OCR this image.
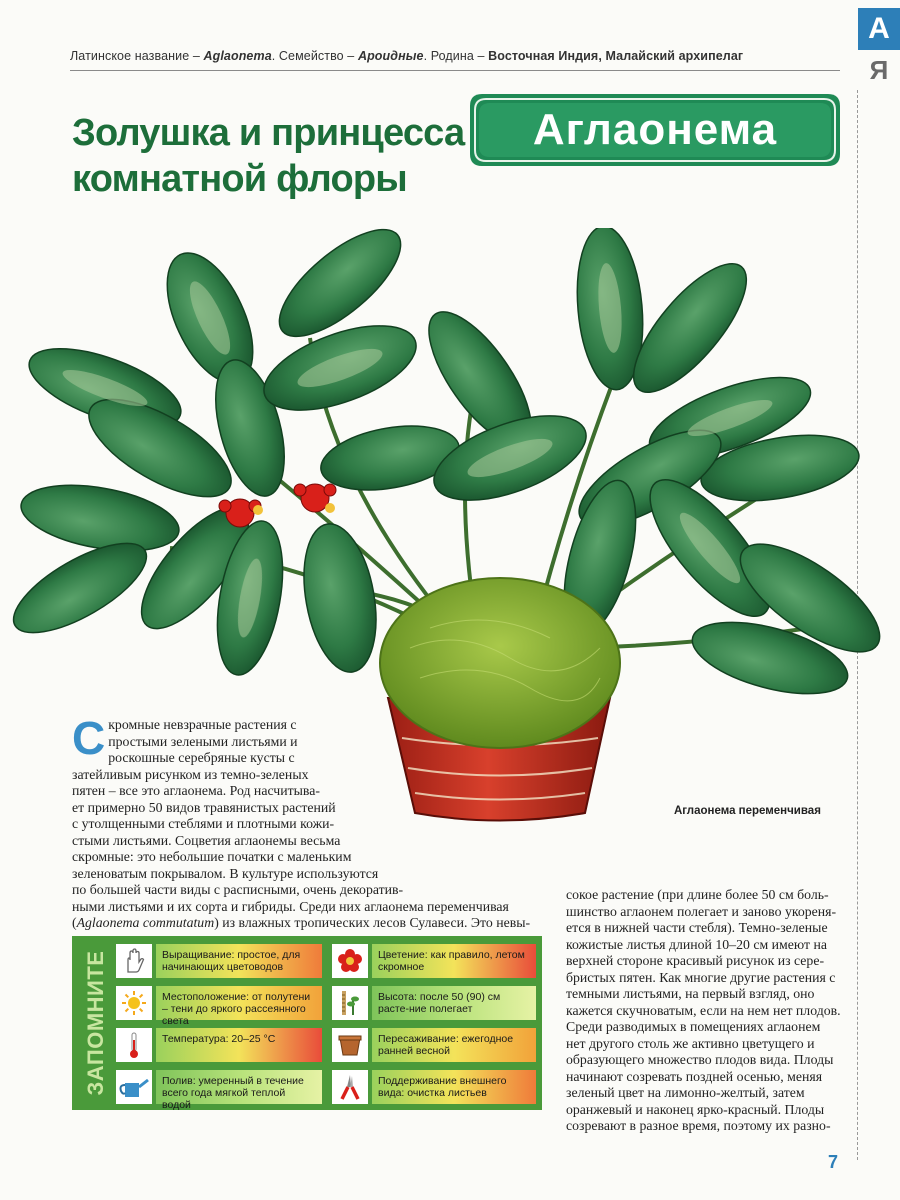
Латинское название – Aglaonema. Семейство – Ароидные. Родина – Восточная Индия, Малайский архипелаг
А
Я
Золушка и принцесса
комнатной флоры
Аглаонема
Аглаонема переменчивая
С кромные невзрачные растения с
простыми зелеными листьями и
роскошные серебряные кусты с
затейливым рисунком из темно-зеленых
пятен – все это аглаонема. Род насчитыва-
ет примерно 50 видов травянистых растений
с утолщенными стеблями и плотными кожи-
стыми листьями. Соцветия аглаонемы весьма
скромные: это небольшие початки с маленьким
зеленоватым покрывалом. В культуре используются
по большей части виды с расписными, очень декоратив-
ными листьями и их сорта и гибриды. Среди них аглаонема переменчивая
(Aglaonema commutatum) из влажных тропических лесов Сулавеси. Это невы-
сокое растение (при длине более 50 см боль-
шинство аглаонем полегает и заново укореня-
ется в нижней части стебля). Темно-зеленые
кожистые листья длиной 10–20 см имеют на
верхней стороне красивый рисунок из сере-
бристых пятен. Как многие другие растения с
темными листьями, на первый взгляд, оно
кажется скучноватым, если на нем нет плодов.
Среди разводимых в помещениях аглаонем
нет другого столь же активно цветущего и
образующего множество плодов вида. Плоды
начинают созревать поздней осенью, меняя
зеленый цвет на лимонно-желтый, затем
оранжевый и наконец ярко-красный. Плоды
созревают в разное время, поэтому их разно-
ЗАПОМНИТЕ	Выращивание: простое, для начинающих цветоводов
Цветение: как правило, летом скромное
Местоположение: от полутени – тени до яркого рассеянного света
Высота: после 50 (90) см расте-ние полегает
Температура: 20–25 °С	Пересаживание: ежегодное ранней весной
Полив: умеренный в течение всего года мягкой теплой водой
Поддерживание внешнего вида: очистка листьев
7
